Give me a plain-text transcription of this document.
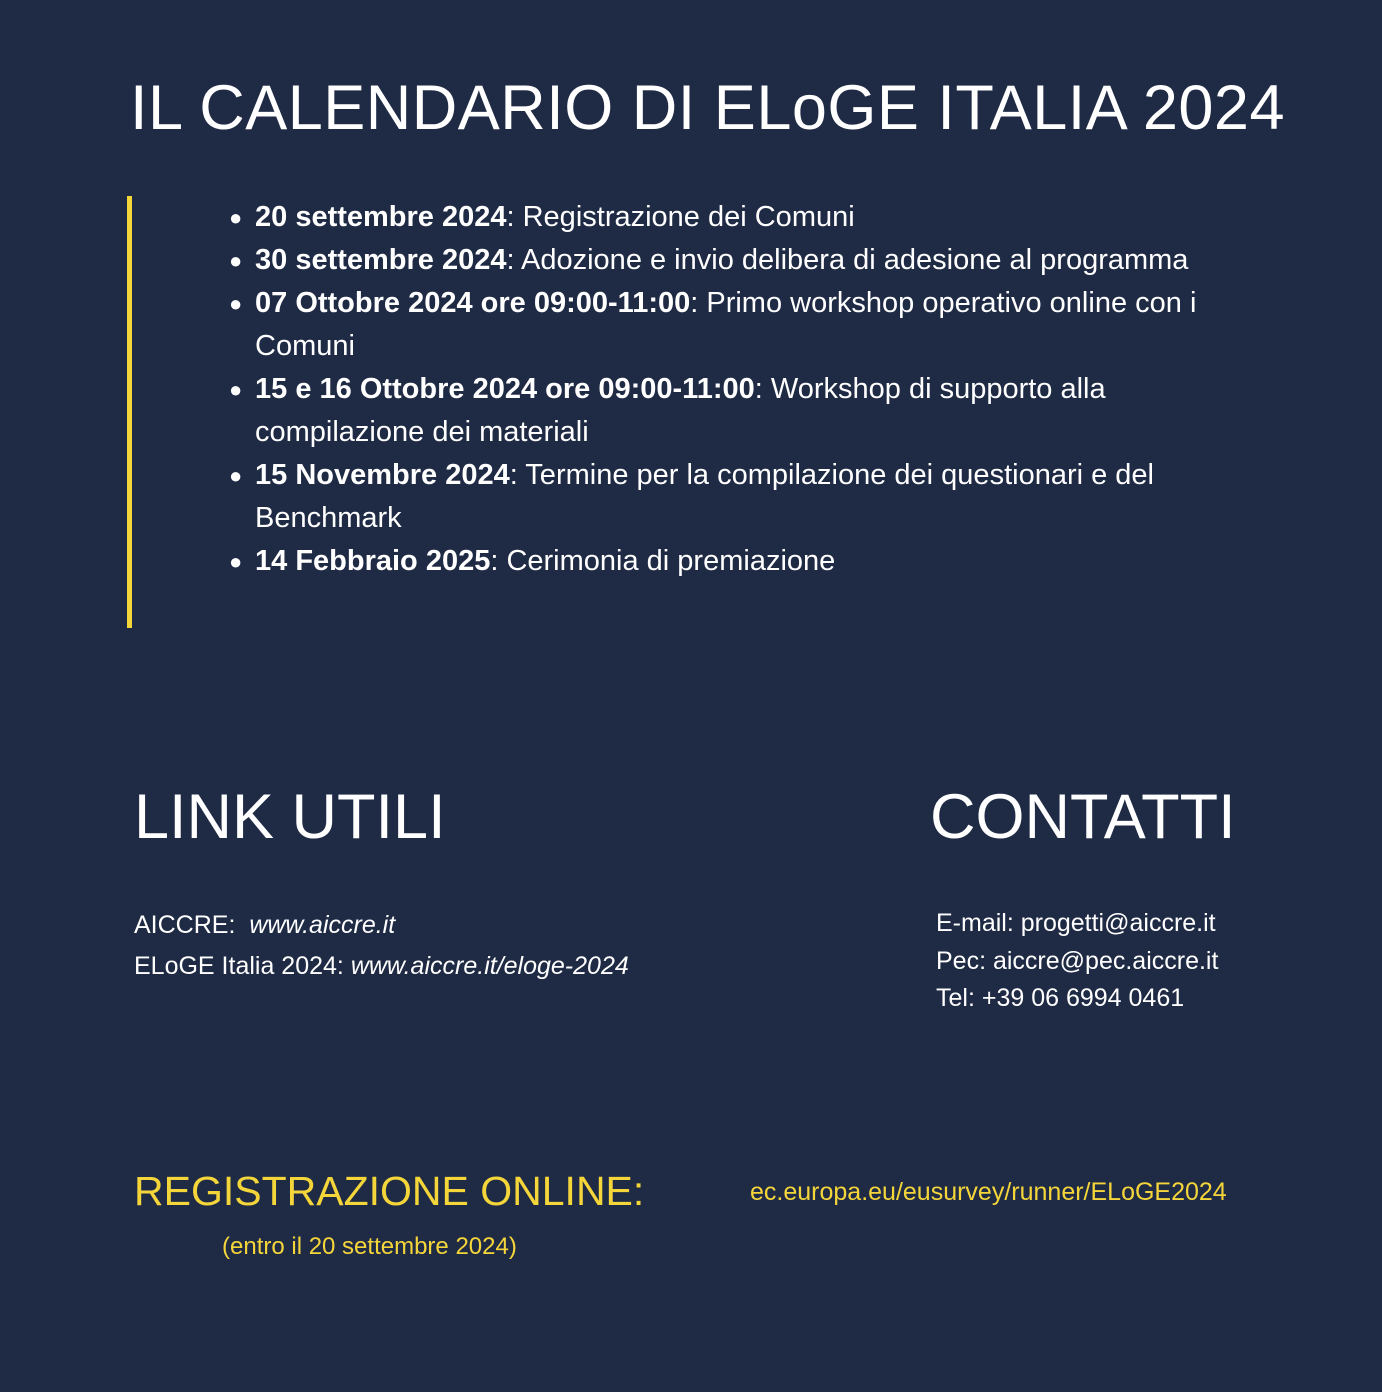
IL CALENDARIO DI ELoGE ITALIA 2024
● 20 settembre 2024: Registrazione dei Comuni
● 30 settembre 2024: Adozione e invio delibera di adesione al programma
● 07 Ottobre 2024 ore 09:00-11:00: Primo workshop operativo online con i Comuni
● 15 e 16 Ottobre 2024 ore 09:00-11:00: Workshop di supporto alla compilazione dei materiali
● 15 Novembre 2024: Termine per la compilazione dei questionari e del Benchmark
● 14 Febbraio 2025: Cerimonia di premiazione
LINK UTILI	CONTATTI
AICCRE: www.aiccre.it
ELoGE Italia 2024: www.aiccre.it/eloge-2024
E-mail: progetti@aiccre.it
Pec: aiccre@pec.aiccre.it
Tel: +39 06 6994 0461
REGISTRAZIONE ONLINE:
(entro il 20 settembre 2024)
ec.europa.eu/eusurvey/runner/ELoGE2024
